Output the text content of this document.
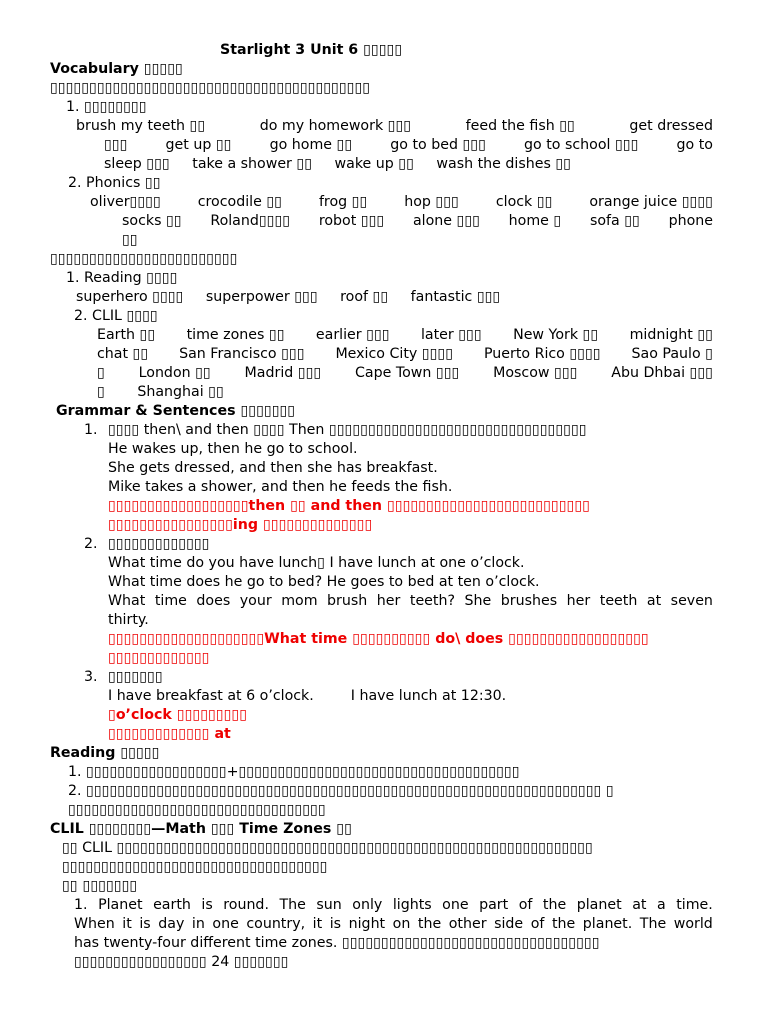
Starlight 3 Unit 6 ▯▯▯▯▯
Vocabulary ▯▯▯▯▯
▯▯▯▯▯▯▯▯▯▯▯▯▯▯▯▯▯▯▯▯▯▯▯▯▯▯▯▯▯▯▯▯▯▯▯▯▯▯▯▯▯
1. ▯▯▯▯▯▯▯▯
brush my teeth ▯▯	do my homework ▯▯▯	feed the fish ▯▯	get dressed
▯▯▯	get up ▯▯	go home ▯▯	go to bed ▯▯▯	go to school ▯▯▯	go to
sleep ▯▯▯ take a shower ▯▯ wake up ▯▯ wash the dishes ▯▯
2. Phonics ▯▯
oliver▯▯▯▯	crocodile ▯▯	frog ▯▯	hop ▯▯▯	clock ▯▯	orange juice ▯▯▯▯
socks ▯▯ Roland▯▯▯▯ robot ▯▯▯ alone ▯▯▯ home ▯ sofa ▯▯ phone
▯▯
▯▯▯▯▯▯▯▯▯▯▯▯▯▯▯▯▯▯▯▯▯▯▯▯
1. Reading ▯▯▯▯
superhero ▯▯▯▯ superpower ▯▯▯ roof ▯▯ fantastic ▯▯▯
2. CLIL ▯▯▯▯
Earth ▯▯ time zones ▯▯ earlier ▯▯▯ later ▯▯▯ New York ▯▯ midnight ▯▯
chat ▯▯ San Francisco ▯▯▯ Mexico City ▯▯▯▯ Puerto Rico ▯▯▯▯ Sao Paulo ▯
▯ London ▯▯ Madrid ▯▯▯ Cape Town ▯▯▯ Moscow ▯▯▯ Abu Dhbai ▯▯▯
▯ Shanghai ▯▯
Grammar & Sentences ▯▯▯▯▯▯▯
1. ▯▯▯▯ then\ and then ▯▯▯▯ Then ▯▯▯▯▯▯▯▯▯▯▯▯▯▯▯▯▯▯▯▯▯▯▯▯▯▯▯▯▯▯▯▯▯
He wakes up, then he go to school.
She gets dressed, and then she has breakfast.
Mike takes a shower, and then he feeds the fish.
▯▯▯▯▯▯▯▯▯▯▯▯▯▯▯▯▯▯then ▯▯ and then ▯▯▯▯▯▯▯▯▯▯▯▯▯▯▯▯▯▯▯▯▯▯▯▯▯▯
▯▯▯▯▯▯▯▯▯▯▯▯▯▯▯▯ing ▯▯▯▯▯▯▯▯▯▯▯▯▯▯
2. ▯▯▯▯▯▯▯▯▯▯▯▯▯
What time do you have lunch▯ I have lunch at one o’clock.
What time does he go to bed? He goes to bed at ten o’clock.
What time does your mom brush her teeth? She brushes her teeth at seven
thirty.
▯▯▯▯▯▯▯▯▯▯▯▯▯▯▯▯▯▯▯▯What time ▯▯▯▯▯▯▯▯▯▯ do\ does ▯▯▯▯▯▯▯▯▯▯▯▯▯▯▯▯▯▯
▯▯▯▯▯▯▯▯▯▯▯▯▯
3. ▯▯▯▯▯▯▯
I have breakfast at 6 o’clock.	I have lunch at 12:30.
▯o’clock ▯▯▯▯▯▯▯▯▯
▯▯▯▯▯▯▯▯▯▯▯▯▯ at
Reading ▯▯▯▯▯
1. ▯▯▯▯▯▯▯▯▯▯▯▯▯▯▯▯▯▯+▯▯▯▯▯▯▯▯▯▯▯▯▯▯▯▯▯▯▯▯▯▯▯▯▯▯▯▯▯▯▯▯▯▯▯▯
2. ▯▯▯▯▯▯▯▯▯▯▯▯▯▯▯▯▯▯▯▯▯▯▯▯▯▯▯▯▯▯▯▯▯▯▯▯▯▯▯▯▯▯▯▯▯▯▯▯▯▯▯▯▯▯▯▯▯▯▯▯▯▯▯▯▯▯ ▯
▯▯▯▯▯▯▯▯▯▯▯▯▯▯▯▯▯▯▯▯▯▯▯▯▯▯▯▯▯▯▯▯▯
CLIL ▯▯▯▯▯▯▯▯—Math ▯▯▯ Time Zones ▯▯
▯▯ CLIL ▯▯▯▯▯▯▯▯▯▯▯▯▯▯▯▯▯▯▯▯▯▯▯▯▯▯▯▯▯▯▯▯▯▯▯▯▯▯▯▯▯▯▯▯▯▯▯▯▯▯▯▯▯▯▯▯▯▯▯▯▯
▯▯▯▯▯▯▯▯▯▯▯▯▯▯▯▯▯▯▯▯▯▯▯▯▯▯▯▯▯▯▯▯▯▯
▯▯ ▯▯▯▯▯▯▯
1. Planet earth is round. The sun only lights one part of the planet at a time.
When it is day in one country, it is night on the other side of the planet. The world
has twenty-four different time zones. ▯▯▯▯▯▯▯▯▯▯▯▯▯▯▯▯▯▯▯▯▯▯▯▯▯▯▯▯▯▯▯▯▯
▯▯▯▯▯▯▯▯▯▯▯▯▯▯▯▯▯ 24 ▯▯▯▯▯▯▯
